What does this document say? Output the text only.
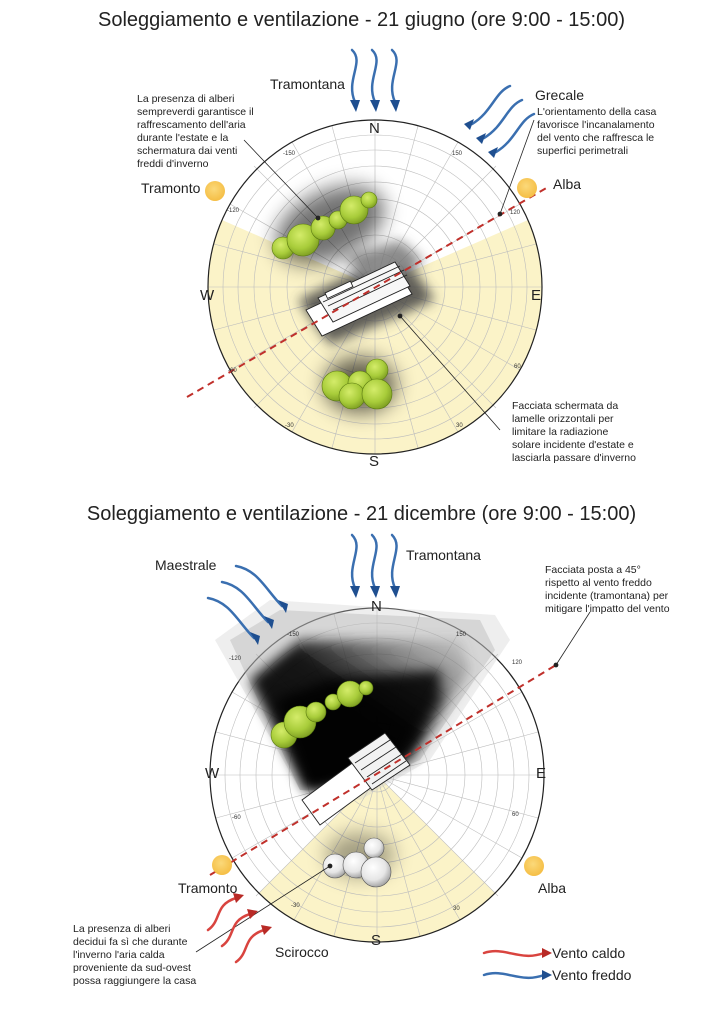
Soleggiamento e ventilazione - 21 giugno (ore 9:00 - 15:00)
Soleggiamento e ventilazione - 21 dicembre (ore 9:00 - 15:00)
N
S
E
W
Tramontana
Grecale
Tramonto	Alba
La presenza di alberi
sempreverdi garantisce il
raffrescamento dell'aria
durante l'estate e la
schermatura dai venti
freddi d'inverno
L'orientamento della casa
favorisce l'incanalamento
del vento che raffresca le
superfici perimetrali
Facciata schermata da
lamelle orizzontali per
limitare la radiazione
solare incidente d'estate e
lasciarla passare d'inverno
-150	150
-120	120
-60
60
-30	30
N
S
E
W
Tramontana
Maestrale
Scirocco
Tramonto	Alba
Facciata posta a 45°
rispetto al vento freddo
incidente (tramontana) per
mitigare l'impatto del vento
La presenza di alberi
decidui fa sì che durante
l'inverno l'aria calda
proveniente da sud-ovest
possa raggiungere la casa
-150	150
-120
120
-60	60
-30	30
Vento caldo
Vento freddo
